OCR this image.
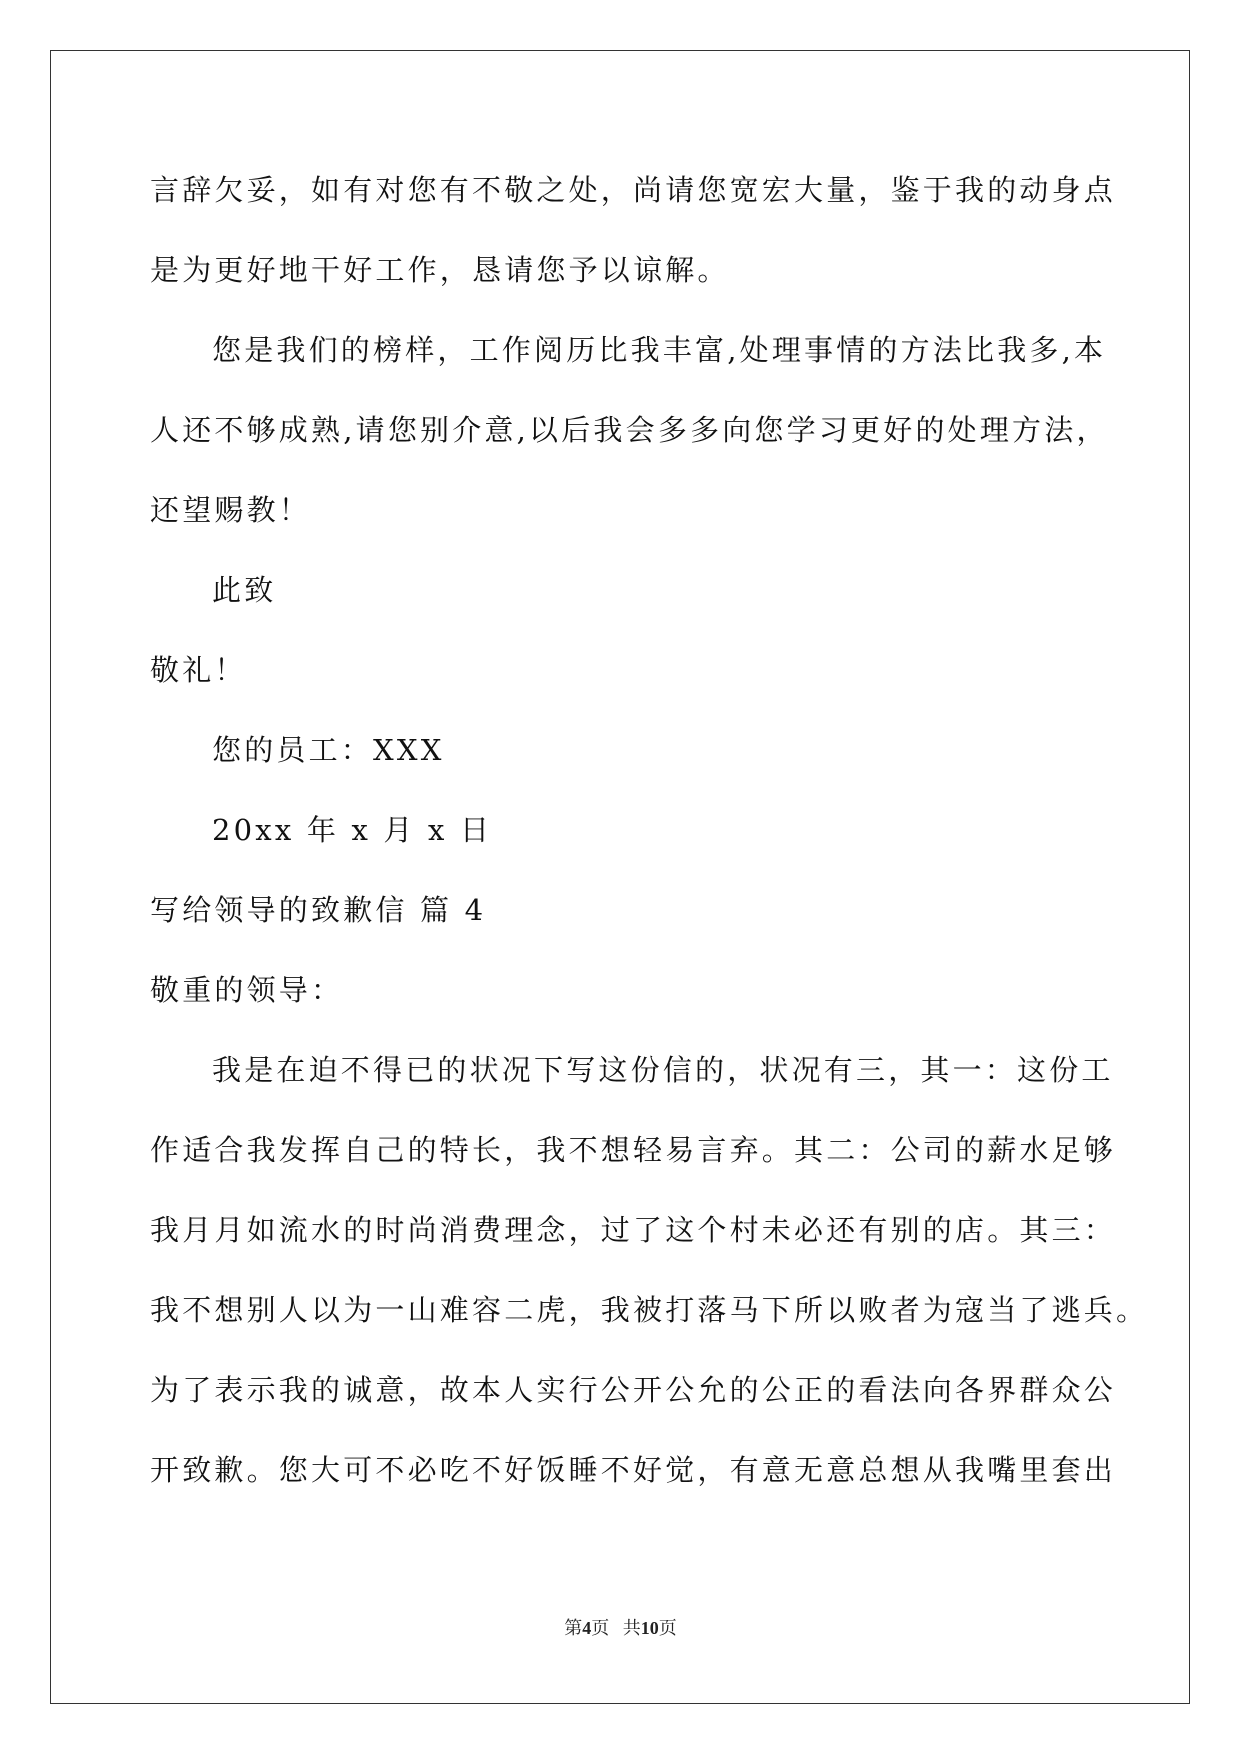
言辞欠妥，如有对您有不敬之处，尚请您宽宏大量，鉴于我的动身点
是为更好地干好工作，恳请您予以谅解。
您是我们的榜样，工作阅历比我丰富,处理事情的方法比我多,本
人还不够成熟,请您别介意,以后我会多多向您学习更好的处理方法，
还望赐教！
此致
敬礼！
您的员工：XXX
20xx 年 x 月 x 日
写给领导的致歉信 篇 4
敬重的领导：
我是在迫不得已的状况下写这份信的，状况有三，其一：这份工
作适合我发挥自己的特长，我不想轻易言弃。其二：公司的薪水足够
我月月如流水的时尚消费理念，过了这个村未必还有别的店。其三：
我不想别人以为一山难容二虎，我被打落马下所以败者为寇当了逃兵。
为了表示我的诚意，故本人实行公开公允的公正的看法向各界群众公
开致歉。您大可不必吃不好饭睡不好觉，有意无意总想从我嘴里套出
第4页 共10页
